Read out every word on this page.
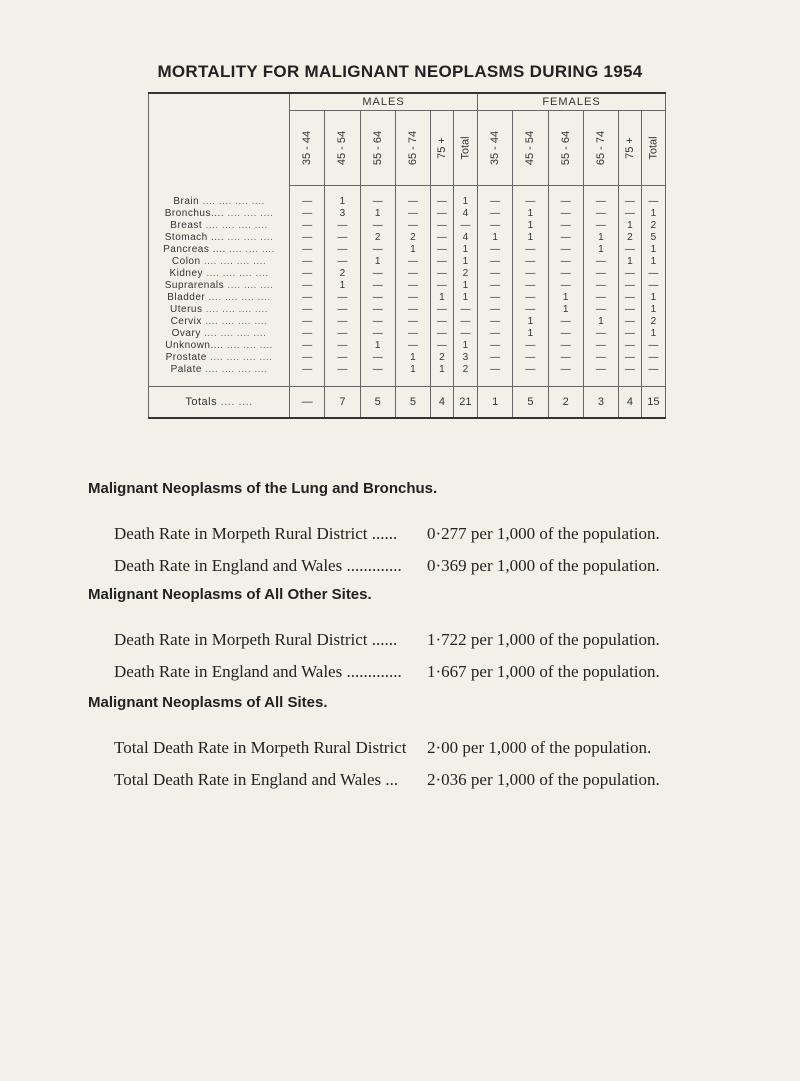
MORTALITY FOR MALIGNANT NEOPLASMS DURING 1954
	MALES						FEMALES					
	35 - 44	45 - 54	55 - 64	65 - 74	75 +	Total	35 - 44	45 - 54	55 - 64	65 - 74	75 +	Total
Brain .... .... .... ....	—	1	—	—	—	1	—	—	—	—	—	—
Bronchus.... .... .... ....	—	3	1	—	—	4	—	1	—	—	—	1
Breast .... .... .... ....	—	—	—	—	—	—	—	1	—	—	1	2
Stomach .... .... .... ....	—	—	2	2	—	4	1	1	—	1	2	5
Pancreas .... .... .... ....	—	—	—	1	—	1	—	—	—	1	—	1
Colon .... .... .... ....	—	—	1	—	—	1	—	—	—	—	1	1
Kidney .... .... .... ....	—	2	—	—	—	2	—	—	—	—	—	—
Suprarenals .... .... ....	—	1	—	—	—	1	—	—	—	—	—	—
Bladder .... .... .... ....	—	—	—	—	1	1	—	—	1	—	—	1
Uterus .... .... .... ....	—	—	—	—	—	—	—	—	1	—	—	1
Cervix .... .... .... ....	—	—	—	—	—	—	—	1	—	1	—	2
Ovary .... .... .... ....	—	—	—	—	—	—	—	1	—	—	—	1
Unknown.... .... .... ....	—	—	1	—	—	1	—	—	—	—	—	—
Prostate .... .... .... ....	—	—	—	1	2	3	—	—	—	—	—	—
Palate .... .... .... ....	—	—	—	1	1	2	—	—	—	—	—	—

Totals .... ....	—	7	5	5	4	21	1	5	2	3	4	15
Malignant Neoplasms of the Lung and Bronchus.
Death Rate in Morpeth Rural District ...... 0·277 per 1,000 of the population.
Death Rate in England and Wales ............. 0·369 per 1,000 of the population.
Malignant Neoplasms of All Other Sites.
Death Rate in Morpeth Rural District ...... 1·722 per 1,000 of the population.
Death Rate in England and Wales ............. 1·667 per 1,000 of the population.
Malignant Neoplasms of All Sites.
Total Death Rate in Morpeth Rural District 2·00 per 1,000 of the population.
Total Death Rate in England and Wales ... 2·036 per 1,000 of the population.
